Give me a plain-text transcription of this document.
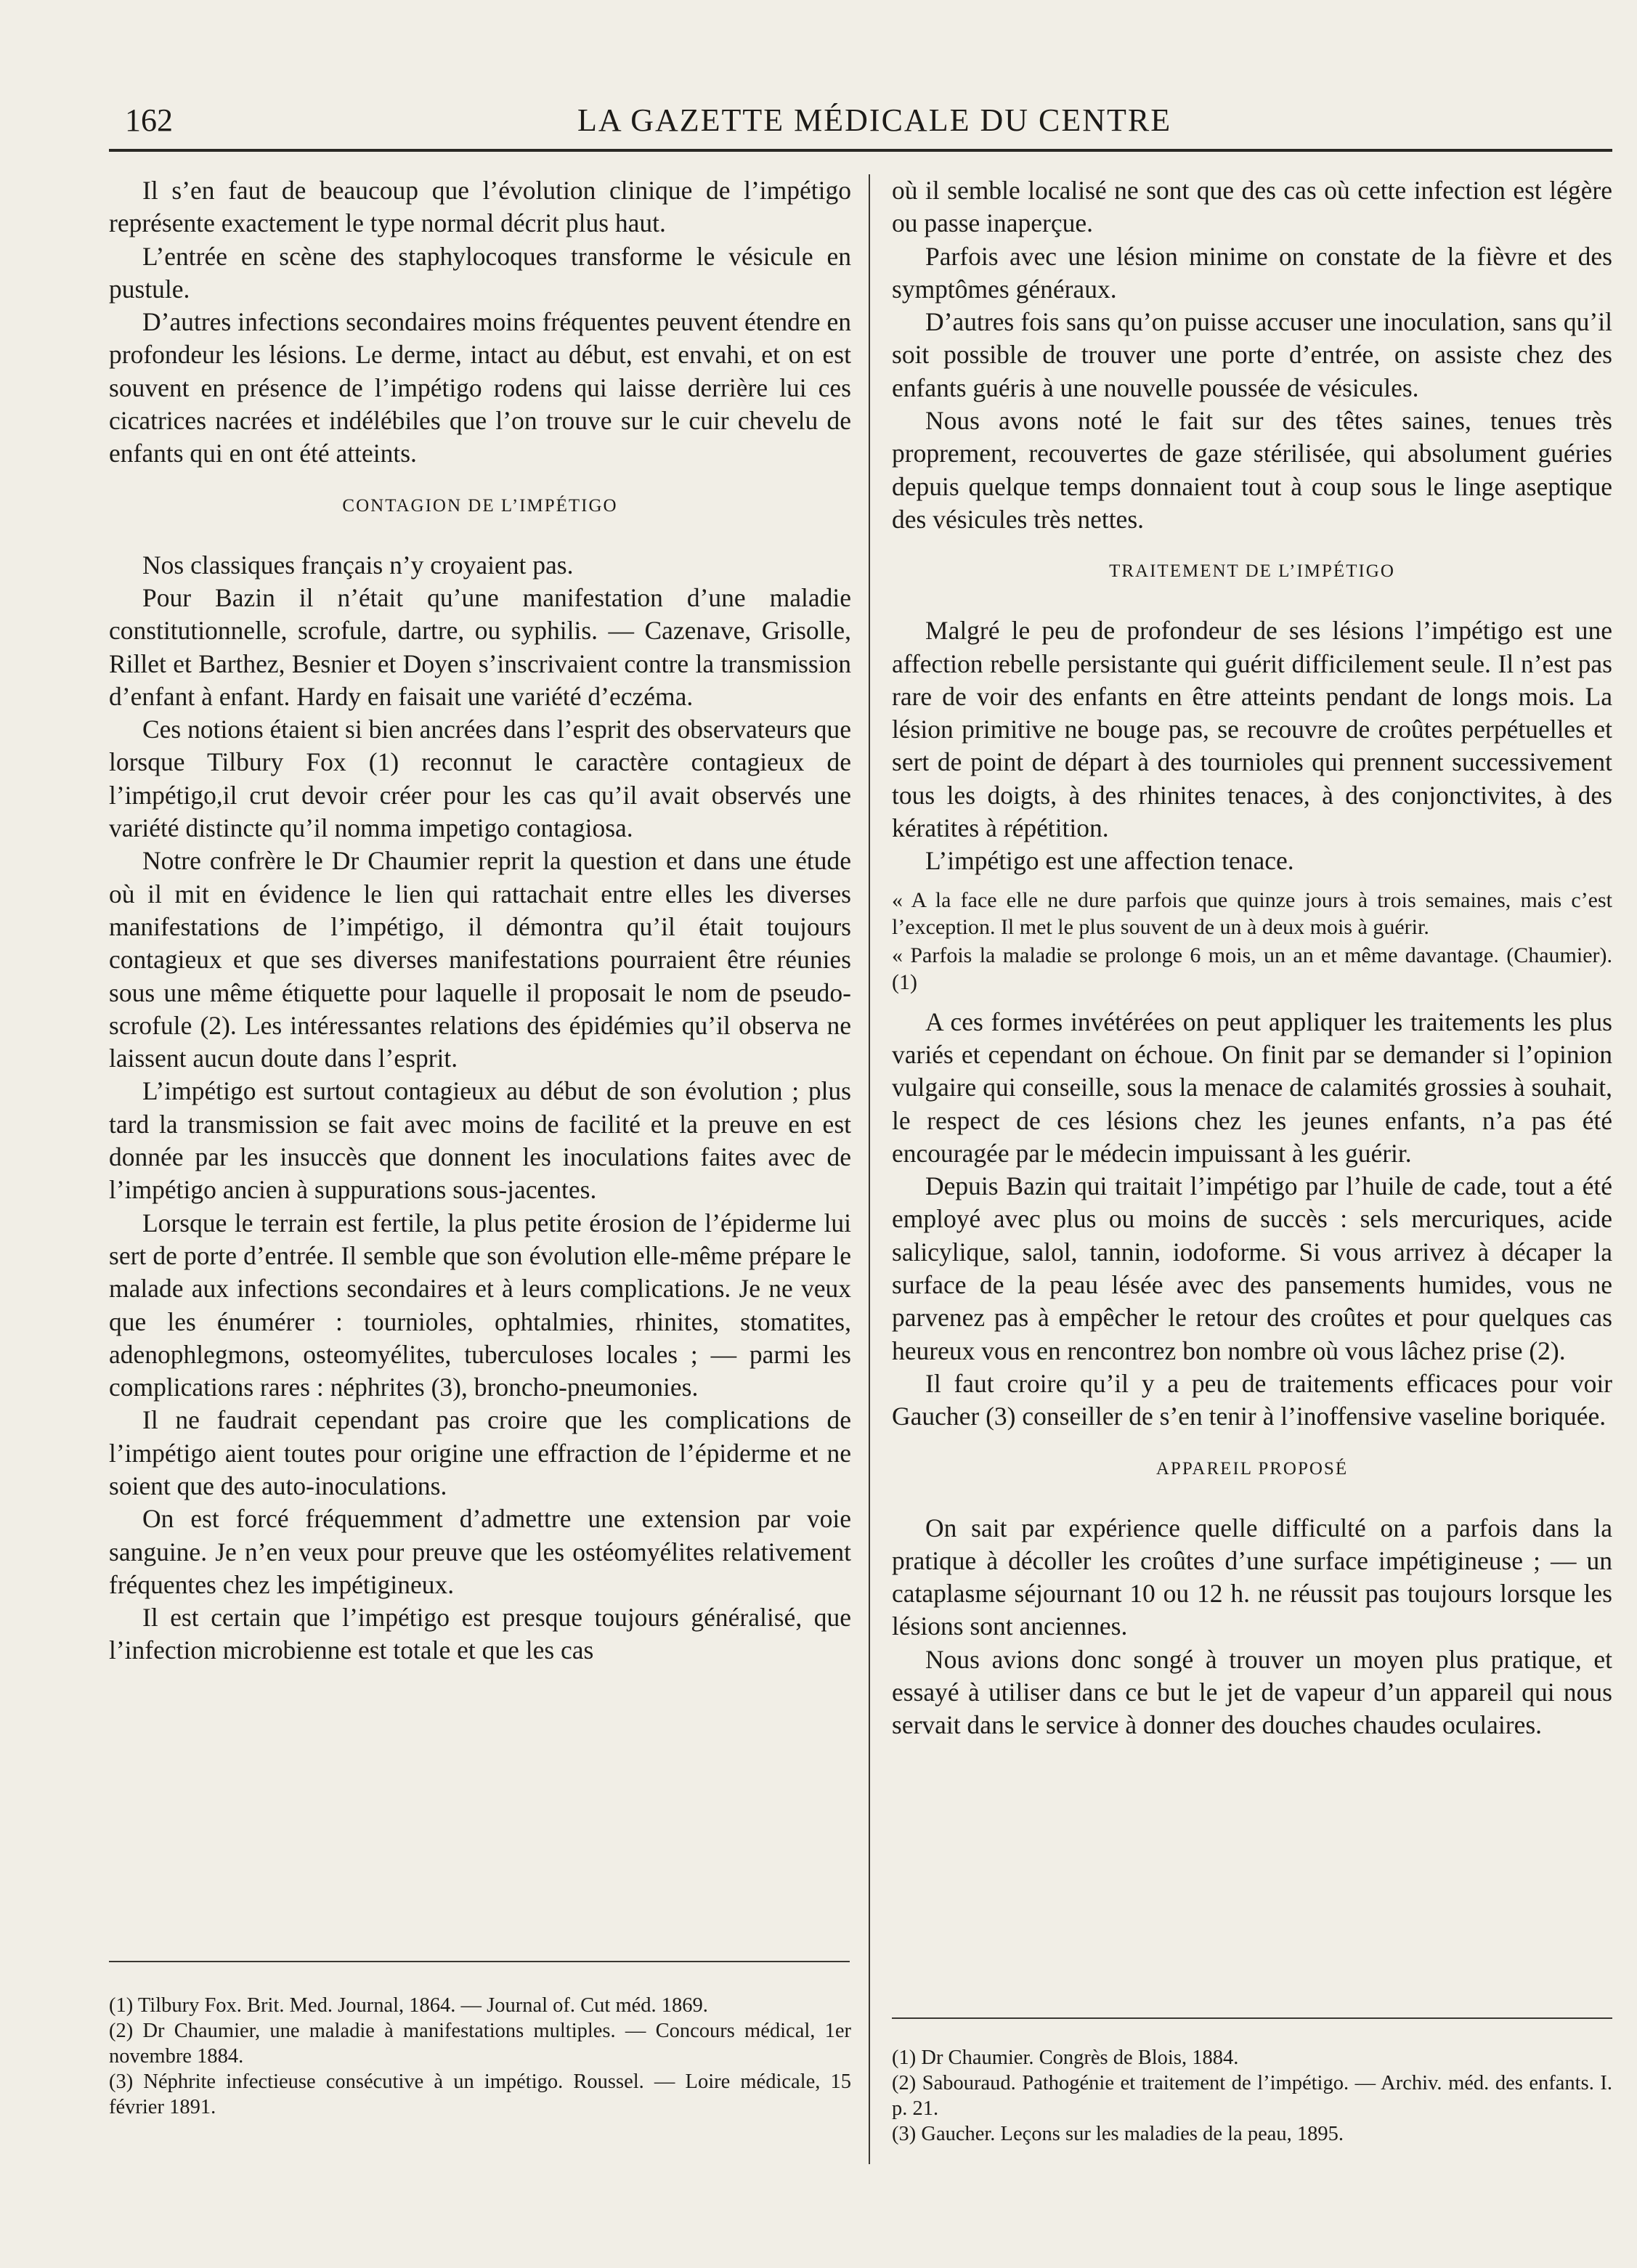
162	LA GAZETTE MÉDICALE DU CENTRE

Il s’en faut de beaucoup que l’évolution clinique de l’impétigo représente exactement le type normal décrit plus haut.

L’entrée en scène des staphylocoques transforme le vésicule en pustule.

D’autres infections secondaires moins fréquentes peuvent étendre en profondeur les lésions. Le derme, intact au début, est envahi, et on est souvent en présence de l’impétigo rodens qui laisse derrière lui ces cicatrices nacrées et indélébiles que l’on trouve sur le cuir chevelu de enfants qui en ont été atteints.

CONTAGION DE L’IMPÉTIGO

Nos classiques français n’y croyaient pas.

Pour Bazin il n’était qu’une manifestation d’une maladie constitutionnelle, scrofule, dartre, ou syphilis. — Cazenave, Grisolle, Rillet et Barthez, Besnier et Doyen s’inscrivaient contre la transmission d’enfant à enfant. Hardy en faisait une variété d’eczéma.

Ces notions étaient si bien ancrées dans l’esprit des observateurs que lorsque Tilbury Fox (1) reconnut le caractère contagieux de l’impétigo,il crut devoir créer pour les cas qu’il avait observés une variété distincte qu’il nomma impetigo contagiosa.

Notre confrère le Dr Chaumier reprit la question et dans une étude où il mit en évidence le lien qui rattachait entre elles les diverses manifestations de l’impétigo, il démontra qu’il était toujours contagieux et que ses diverses manifestations pourraient être réunies sous une même étiquette pour laquelle il proposait le nom de pseudo-scrofule (2). Les intéressantes relations des épidémies qu’il observa ne laissent aucun doute dans l’esprit.

L’impétigo est surtout contagieux au début de son évolution ; plus tard la transmission se fait avec moins de facilité et la preuve en est donnée par les insuccès que donnent les inoculations faites avec de l’impétigo ancien à suppurations sous-jacentes.

Lorsque le terrain est fertile, la plus petite érosion de l’épiderme lui sert de porte d’entrée. Il semble que son évolution elle-même prépare le malade aux infections secondaires et à leurs complications. Je ne veux que les énumérer : tournioles, ophtalmies, rhinites, stomatites, adenophlegmons, osteomyélites, tuberculoses locales ; — parmi les complications rares : néphrites (3), broncho-pneumonies.

Il ne faudrait cependant pas croire que les complications de l’impétigo aient toutes pour origine une effraction de l’épiderme et ne soient que des auto-inoculations.

On est forcé fréquemment d’admettre une extension par voie sanguine. Je n’en veux pour preuve que les ostéomyélites relativement fréquentes chez les impétigineux.

Il est certain que l’impétigo est presque toujours généralisé, que l’infection microbienne est totale et que les cas

(1) Tilbury Fox. Brit. Med. Journal, 1864. — Journal of. Cut méd. 1869.

(2) Dr Chaumier, une maladie à manifestations multiples. — Concours médical, 1er novembre 1884.

(3) Néphrite infectieuse consécutive à un impétigo. Roussel. — Loire médicale, 15 février 1891.

où il semble localisé ne sont que des cas où cette infection est légère ou passe inaperçue.

Parfois avec une lésion minime on constate de la fièvre et des symptômes généraux.

D’autres fois sans qu’on puisse accuser une inoculation, sans qu’il soit possible de trouver une porte d’entrée, on assiste chez des enfants guéris à une nouvelle poussée de vésicules.

Nous avons noté le fait sur des têtes saines, tenues très proprement, recouvertes de gaze stérilisée, qui absolument guéries depuis quelque temps donnaient tout à coup sous le linge aseptique des vésicules très nettes.

TRAITEMENT DE L’IMPÉTIGO

Malgré le peu de profondeur de ses lésions l’impétigo est une affection rebelle persistante qui guérit difficilement seule. Il n’est pas rare de voir des enfants en être atteints pendant de longs mois. La lésion primitive ne bouge pas, se recouvre de croûtes perpétuelles et sert de point de départ à des tournioles qui prennent successivement tous les doigts, à des rhinites tenaces, à des conjonctivites, à des kératites à répétition.

L’impétigo est une affection tenace.

« A la face elle ne dure parfois que quinze jours à trois semaines, mais c’est l’exception. Il met le plus souvent de un à deux mois à guérir.

« Parfois la maladie se prolonge 6 mois, un an et même davantage. (Chaumier). (1)

A ces formes invétérées on peut appliquer les traitements les plus variés et cependant on échoue. On finit par se demander si l’opinion vulgaire qui conseille, sous la menace de calamités grossies à souhait, le respect de ces lésions chez les jeunes enfants, n’a pas été encouragée par le médecin impuissant à les guérir.

Depuis Bazin qui traitait l’impétigo par l’huile de cade, tout a été employé avec plus ou moins de succès : sels mercuriques, acide salicylique, salol, tannin, iodoforme. Si vous arrivez à décaper la surface de la peau lésée avec des pansements humides, vous ne parvenez pas à empêcher le retour des croûtes et pour quelques cas heureux vous en rencontrez bon nombre où vous lâchez prise (2).

Il faut croire qu’il y a peu de traitements efficaces pour voir Gaucher (3) conseiller de s’en tenir à l’inoffensive vaseline boriquée.

APPAREIL PROPOSÉ

On sait par expérience quelle difficulté on a parfois dans la pratique à décoller les croûtes d’une surface impétigineuse ; — un cataplasme séjournant 10 ou 12 h. ne réussit pas toujours lorsque les lésions sont anciennes.

Nous avions donc songé à trouver un moyen plus pratique, et essayé à utiliser dans ce but le jet de vapeur d’un appareil qui nous servait dans le service à donner des douches chaudes oculaires.

(1) Dr Chaumier. Congrès de Blois, 1884.

(2) Sabouraud. Pathogénie et traitement de l’impétigo. — Archiv. méd. des enfants. I. p. 21.

(3) Gaucher. Leçons sur les maladies de la peau, 1895.
